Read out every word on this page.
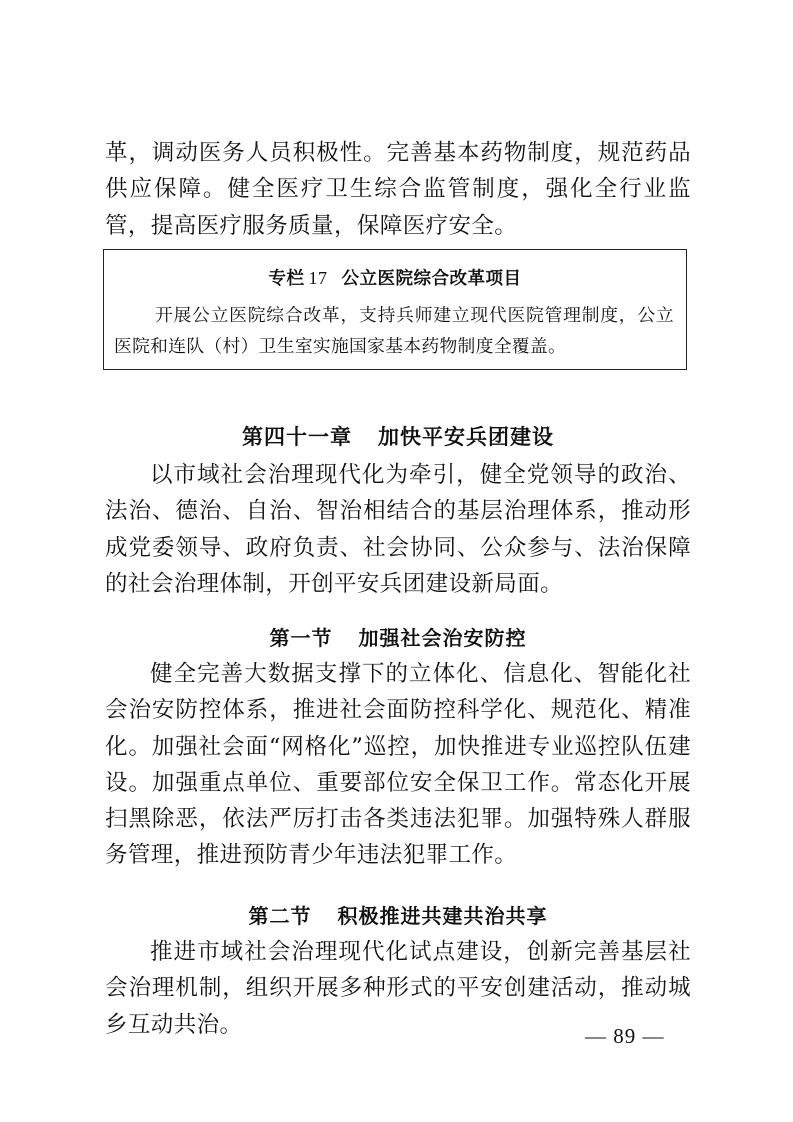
革，调动医务人员积极性。完善基本药物制度，规范药品供应保障。健全医疗卫生综合监管制度，强化全行业监管，提高医疗服务质量，保障医疗安全。

专栏 17 公立医院综合改革项目

开展公立医院综合改革，支持兵师建立现代医院管理制度，公立医院和连队（村）卫生室实施国家基本药物制度全覆盖。

第四十一章 加快平安兵团建设

以市域社会治理现代化为牵引，健全党领导的政治、法治、德治、自治、智治相结合的基层治理体系，推动形成党委领导、政府负责、社会协同、公众参与、法治保障的社会治理体制，开创平安兵团建设新局面。

第一节 加强社会治安防控

健全完善大数据支撑下的立体化、信息化、智能化社会治安防控体系，推进社会面防控科学化、规范化、精准化。加强社会面“网格化”巡控，加快推进专业巡控队伍建设。加强重点单位、重要部位安全保卫工作。常态化开展扫黑除恶，依法严厉打击各类违法犯罪。加强特殊人群服务管理，推进预防青少年违法犯罪工作。

第二节 积极推进共建共治共享

推进市域社会治理现代化试点建设，创新完善基层社会治理机制，组织开展多种形式的平安创建活动，推动城乡互动共治。	— 89 —
